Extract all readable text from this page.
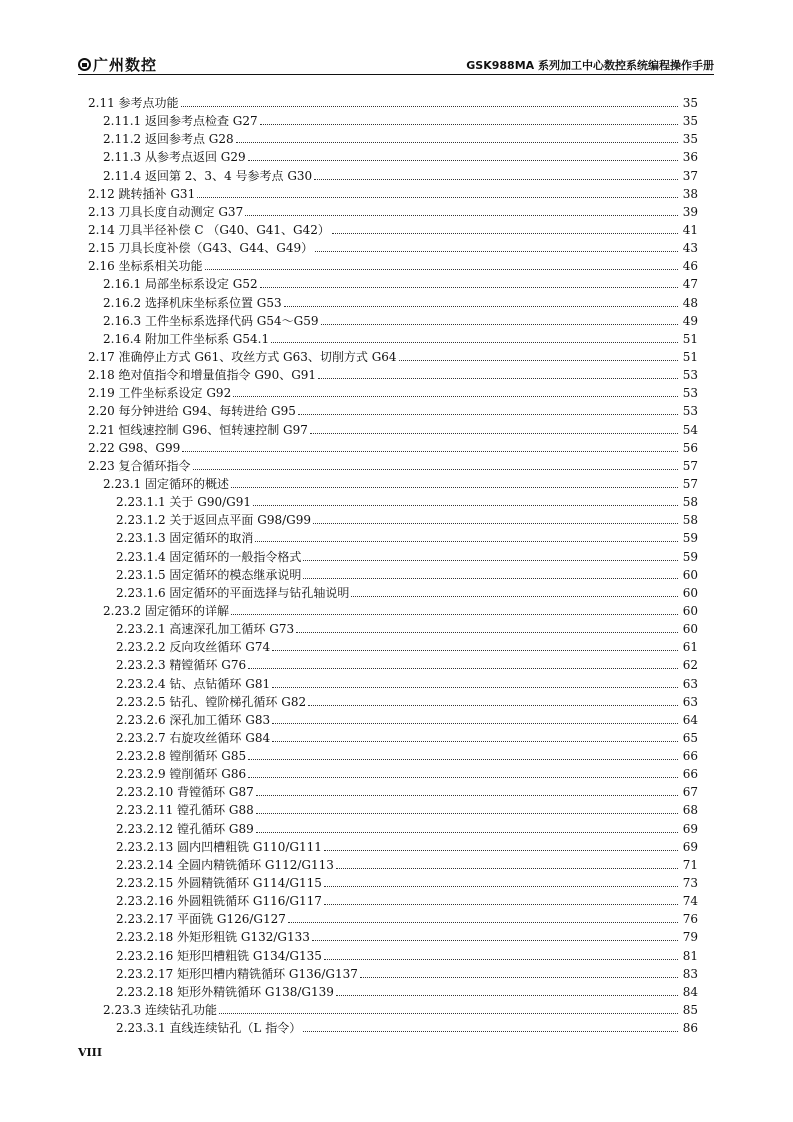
广州数控	GSK988MA 系列加工中心数控系统编程操作手册
2.11 参考点功能	35
2.11.1 返回参考点检查 G27	35
2.11.2 返回参考点 G28	35
2.11.3 从参考点返回 G29	36
2.11.4 返回第 2、3、4 号参考点 G30	37
2.12 跳转插补 G31	38
2.13 刀具长度自动测定 G37	39
2.14 刀具半径补偿 C （G40、G41、G42）	41
2.15 刀具长度补偿（G43、G44、G49）	43
2.16 坐标系相关功能	46
2.16.1 局部坐标系设定 G52	47
2.16.2 选择机床坐标系位置 G53	48
2.16.3 工件坐标系选择代码 G54～G59	49
2.16.4 附加工件坐标系 G54.1	51
2.17 准确停止方式 G61、攻丝方式 G63、切削方式 G64	51
2.18 绝对值指令和增量值指令 G90、G91	53
2.19 工件坐标系设定 G92	53
2.20 每分钟进给 G94、每转进给 G95	53
2.21 恒线速控制 G96、恒转速控制 G97	54
2.22 G98、G99	56
2.23 复合循环指令	57
2.23.1 固定循环的概述	57
2.23.1.1 关于 G90/G91	58
2.23.1.2 关于返回点平面 G98/G99	58
2.23.1.3 固定循环的取消	59
2.23.1.4 固定循环的一般指令格式	59
2.23.1.5 固定循环的模态继承说明	60
2.23.1.6 固定循环的平面选择与钻孔轴说明	60
2.23.2 固定循环的详解	60
2.23.2.1 高速深孔加工循环 G73	60
2.23.2.2 反向攻丝循环 G74	61
2.23.2.3 精镗循环 G76	62
2.23.2.4 钻、点钻循环 G81	63
2.23.2.5 钻孔、镗阶梯孔循环 G82	63
2.23.2.6 深孔加工循环 G83	64
2.23.2.7 右旋攻丝循环 G84	65
2.23.2.8 镗削循环 G85	66
2.23.2.9 镗削循环 G86	66
2.23.2.10 背镗循环 G87	67
2.23.2.11 镗孔循环 G88	68
2.23.2.12 镗孔循环 G89	69
2.23.2.13 圆内凹槽粗铣 G110/G111	69
2.23.2.14 全圆内精铣循环 G112/G113	71
2.23.2.15 外圆精铣循环 G114/G115	73
2.23.2.16 外圆粗铣循环 G116/G117	74
2.23.2.17 平面铣 G126/G127	76
2.23.2.18 外矩形粗铣 G132/G133	79
2.23.2.16 矩形凹槽粗铣 G134/G135	81
2.23.2.17 矩形凹槽内精铣循环 G136/G137	83
2.23.2.18 矩形外精铣循环 G138/G139	84
2.23.3 连续钻孔功能	85
2.23.3.1 直线连续钻孔（L 指令）	86
VIII
